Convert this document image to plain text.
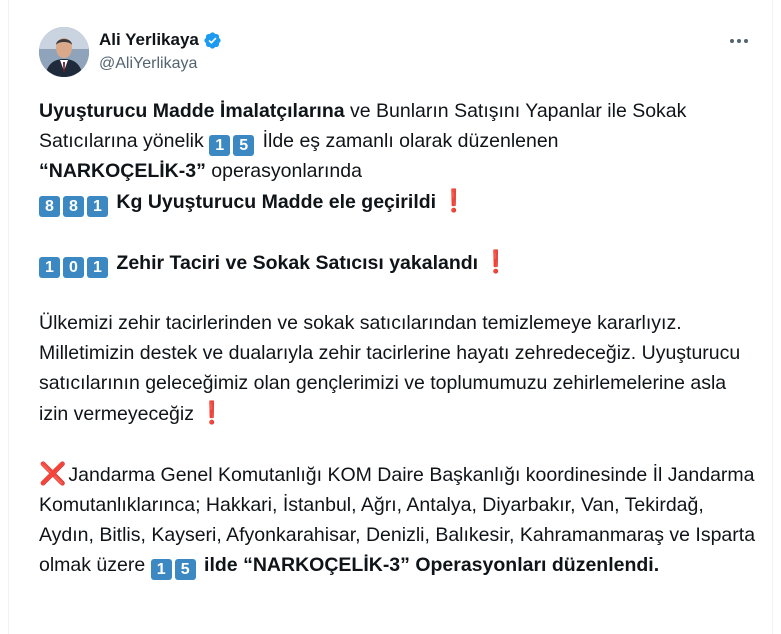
Ali Yerlikaya
@AliYerlikaya

Uyuşturucu Madde İmalatçılarına ve Bunların Satışını Yapanlar ile Sokak Satıcılarına yönelik 1 5 İlde eş zamanlı olarak düzenlenen
“NARKOÇELİK-3” operasyonlarında

8 8 1 Kg Uyuşturucu Madde ele geçirildi ❗

1 0 1 Zehir Taciri ve Sokak Satıcısı yakalandı ❗

Ülkemizi zehir tacirlerinden ve sokak satıcılarından temizlemeye kararlıyız. Milletimizin destek ve dualarıyla zehir tacirlerine hayatı zehredeceğiz. Uyuşturucu satıcılarının geleceğimiz olan gençlerimizi ve toplumumuzu zehirlemelerine asla izin vermeyeceğiz ❗

❌ Jandarma Genel Komutanlığı KOM Daire Başkanlığı koordinesinde İl Jandarma Komutanlıklarınca; Hakkari, İstanbul, Ağrı, Antalya, Diyarbakır, Van, Tekirdağ, Aydın, Bitlis, Kayseri, Afyonkarahisar, Denizli, Balıkesir, Kahramanmaraş ve Isparta olmak üzere 1 5 ilde “NARKOÇELİK-3” Operasyonları düzenlendi.
